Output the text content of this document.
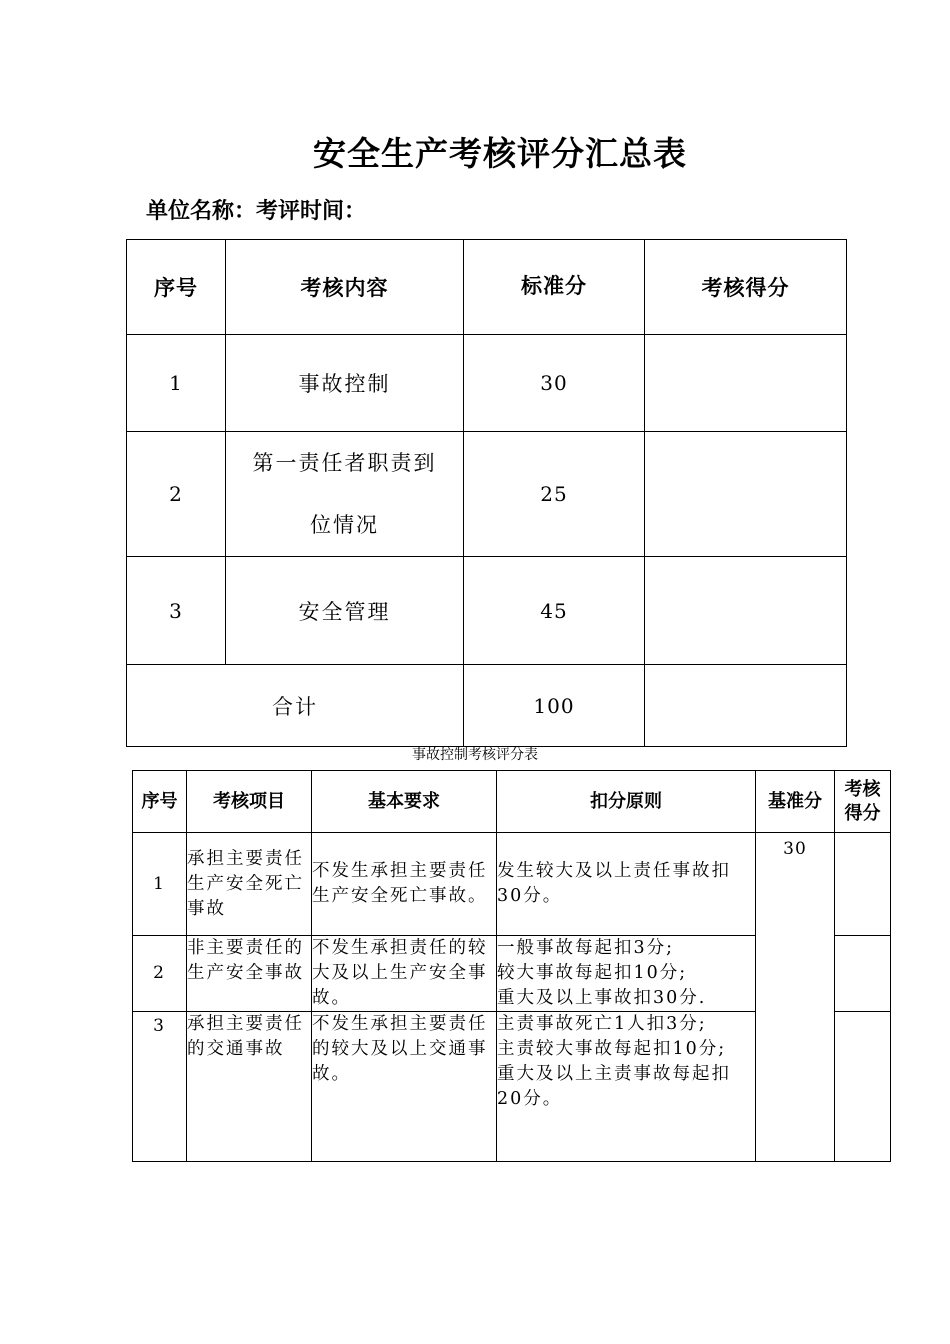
安全生产考核评分汇总表
单位名称：考评时间：
序号	考核内容	标准分	考核得分
1	事故控制	30	
2	第一责任者职责到
位情况	25	
3	安全管理	45	
合计		100	
事故控制考核评分表
序号	考核项目	基本要求	扣分原则	基准分	考核
得分
1	承担主要责任生产安全死亡事故	不发生承担主要责任生产安全死亡事故。	发生较大及以上责任事故扣30分。	30	
2	非主要责任的生产安全事故	不发生承担责任的较大及以上生产安全事故。	一般事故每起扣3分;
较大事故每起扣10分;
重大及以上事故扣30分.		
3	承担主要责任的交通事故	不发生承担主要责任的较大及以上交通事故。	主责事故死亡1人扣3分;
主责较大事故每起扣10分;
重大及以上主责事故每起扣20分。		
